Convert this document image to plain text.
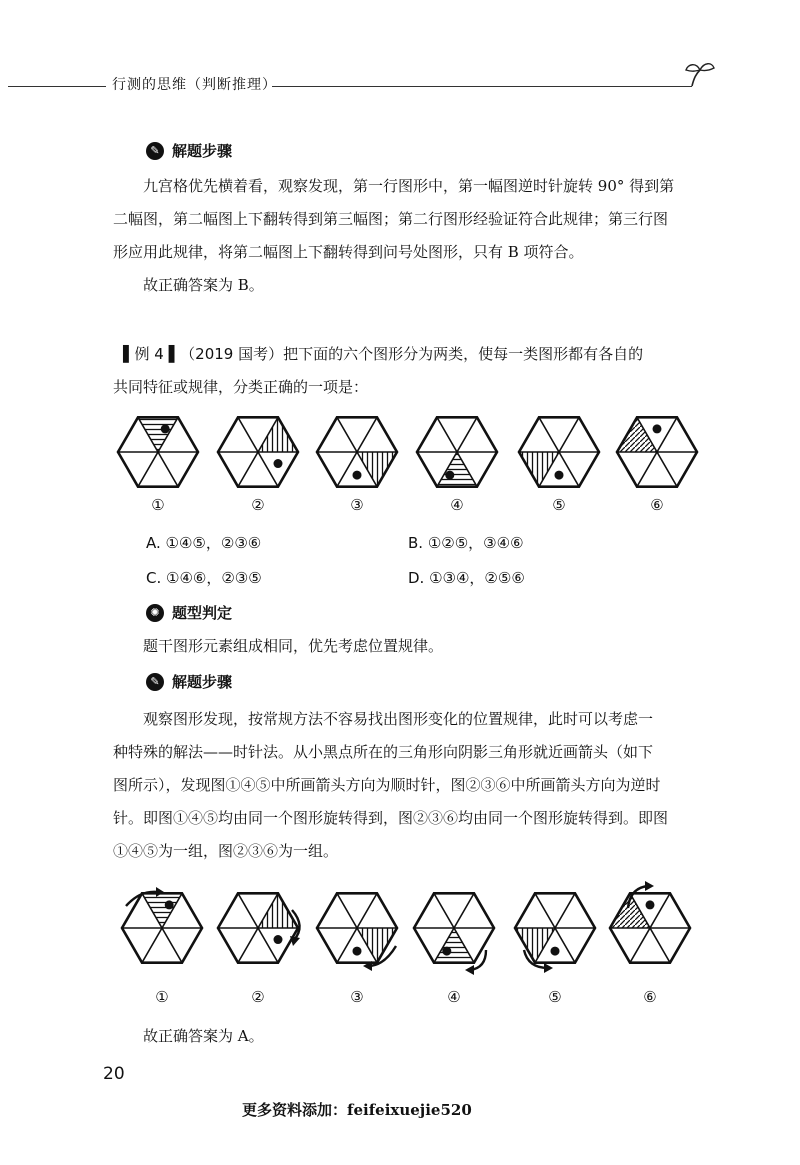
行测的思维（判断推理）
✎ 解题步骤
九宫格优先横着看，观察发现，第一行图形中，第一幅图逆时针旋转 90° 得到第
二幅图，第二幅图上下翻转得到第三幅图；第二行图形经验证符合此规律；第三行图
形应用此规律，将第二幅图上下翻转得到问号处图形，只有 B 项符合。
故正确答案为 B。
▌例 4 ▌（2019 国考）把下面的六个图形分为两类，使每一类图形都有各自的
共同特征或规律，分类正确的一项是：
①	②	③	④	⑤	⑥
A. ①④⑤，②③⑥	B. ①②⑤，③④⑥
C. ①④⑥，②③⑤	D. ①③④，②⑤⑥
✺ 题型判定
题干图形元素组成相同，优先考虑位置规律。
✎ 解题步骤
观察图形发现，按常规方法不容易找出图形变化的位置规律，此时可以考虑一
种特殊的解法——时针法。从小黑点所在的三角形向阴影三角形就近画箭头（如下
图所示），发现图①④⑤中所画箭头方向为顺时针，图②③⑥中所画箭头方向为逆时
针。即图①④⑤均由同一个图形旋转得到，图②③⑥均由同一个图形旋转得到。即图
①④⑤为一组，图②③⑥为一组。
①	②	③	④	⑤	⑥
故正确答案为 A。
20
更多资料添加：feifeixuejie520
